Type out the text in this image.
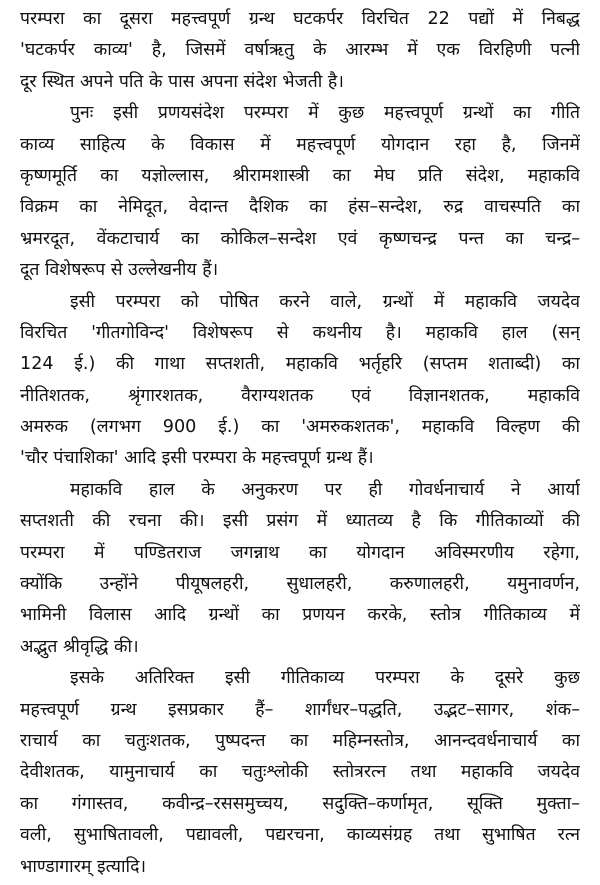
परम्परा का दूसरा महत्त्वपूर्ण ग्रन्थ घटकर्पर विरचित 22 पद्यों में निबद्ध
'घटकर्पर काव्य' है, जिसमें वर्षाऋतु के आरम्भ में एक विरहिणी पत्नी
दूर स्थित अपने पति के पास अपना संदेश भेजती है।
पुनः इसी प्रणयसंदेश परम्परा में कुछ महत्त्वपूर्ण ग्रन्थों का गीति
काव्य साहित्य के विकास में महत्त्वपूर्ण योगदान रहा है, जिनमें
कृष्णमूर्ति का यज्ञोल्लास, श्रीरामशास्त्री का मेघ प्रति संदेश, महाकवि
विक्रम का नेमिदूत, वेदान्त दैशिक का हंस–सन्देश, रुद्र वाचस्पति का
भ्रमरदूत, वेंकटाचार्य का कोकिल–सन्देश एवं कृष्णचन्द्र पन्त का चन्द्र–
दूत विशेषरूप से उल्लेखनीय हैं।
इसी परम्परा को पोषित करने वाले, ग्रन्थों में महाकवि जयदेव
विरचित 'गीतगोविन्द' विशेषरूप से कथनीय है। महाकवि हाल (सन्
124 ई.) की गाथा सप्तशती, महाकवि भर्तृहरि (सप्तम शताब्दी) का
नीतिशतक, श्रृंगारशतक, वैराग्यशतक एवं विज्ञानशतक, महाकवि
अमरुक (लगभग 900 ई.) का 'अमरुकशतक', महाकवि विल्हण की
'चौर पंचाशिका' आदि इसी परम्परा के महत्त्वपूर्ण ग्रन्थ हैं।
महाकवि हाल के अनुकरण पर ही गोवर्धनाचार्य ने आर्या
सप्तशती की रचना की। इसी प्रसंग में ध्यातव्य है कि गीतिकाव्यों की
परम्परा में पण्डितराज जगन्नाथ का योगदान अविस्मरणीय रहेगा,
क्योंकि उन्होंने पीयूषलहरी, सुधालहरी, करुणालहरी, यमुनावर्णन,
भामिनी विलास आदि ग्रन्थों का प्रणयन करके, स्तोत्र गीतिकाव्य में
अद्भुत श्रीवृद्धि की।
इसके अतिरिक्त इसी गीतिकाव्य परम्परा के दूसरे कुछ
महत्त्वपूर्ण ग्रन्थ इसप्रकार हैं– शार्गंधर–पद्धति, उद्भट–सागर, शंक–
राचार्य का चतुःशतक, पुष्पदन्त का महिम्नस्तोत्र, आनन्दवर्धनाचार्य का
देवीशतक, यामुनाचार्य का चतुःश्लोकी स्तोत्ररत्न तथा महाकवि जयदेव
का गंगास्तव, कवीन्द्र–रससमुच्चय, सदुक्ति–कर्णामृत, सूक्ति मुक्ता–
वली, सुभाषितावली, पद्यावली, पद्यरचना, काव्यसंग्रह तथा सुभाषित रत्न
भाण्डागारम् इत्यादि।
